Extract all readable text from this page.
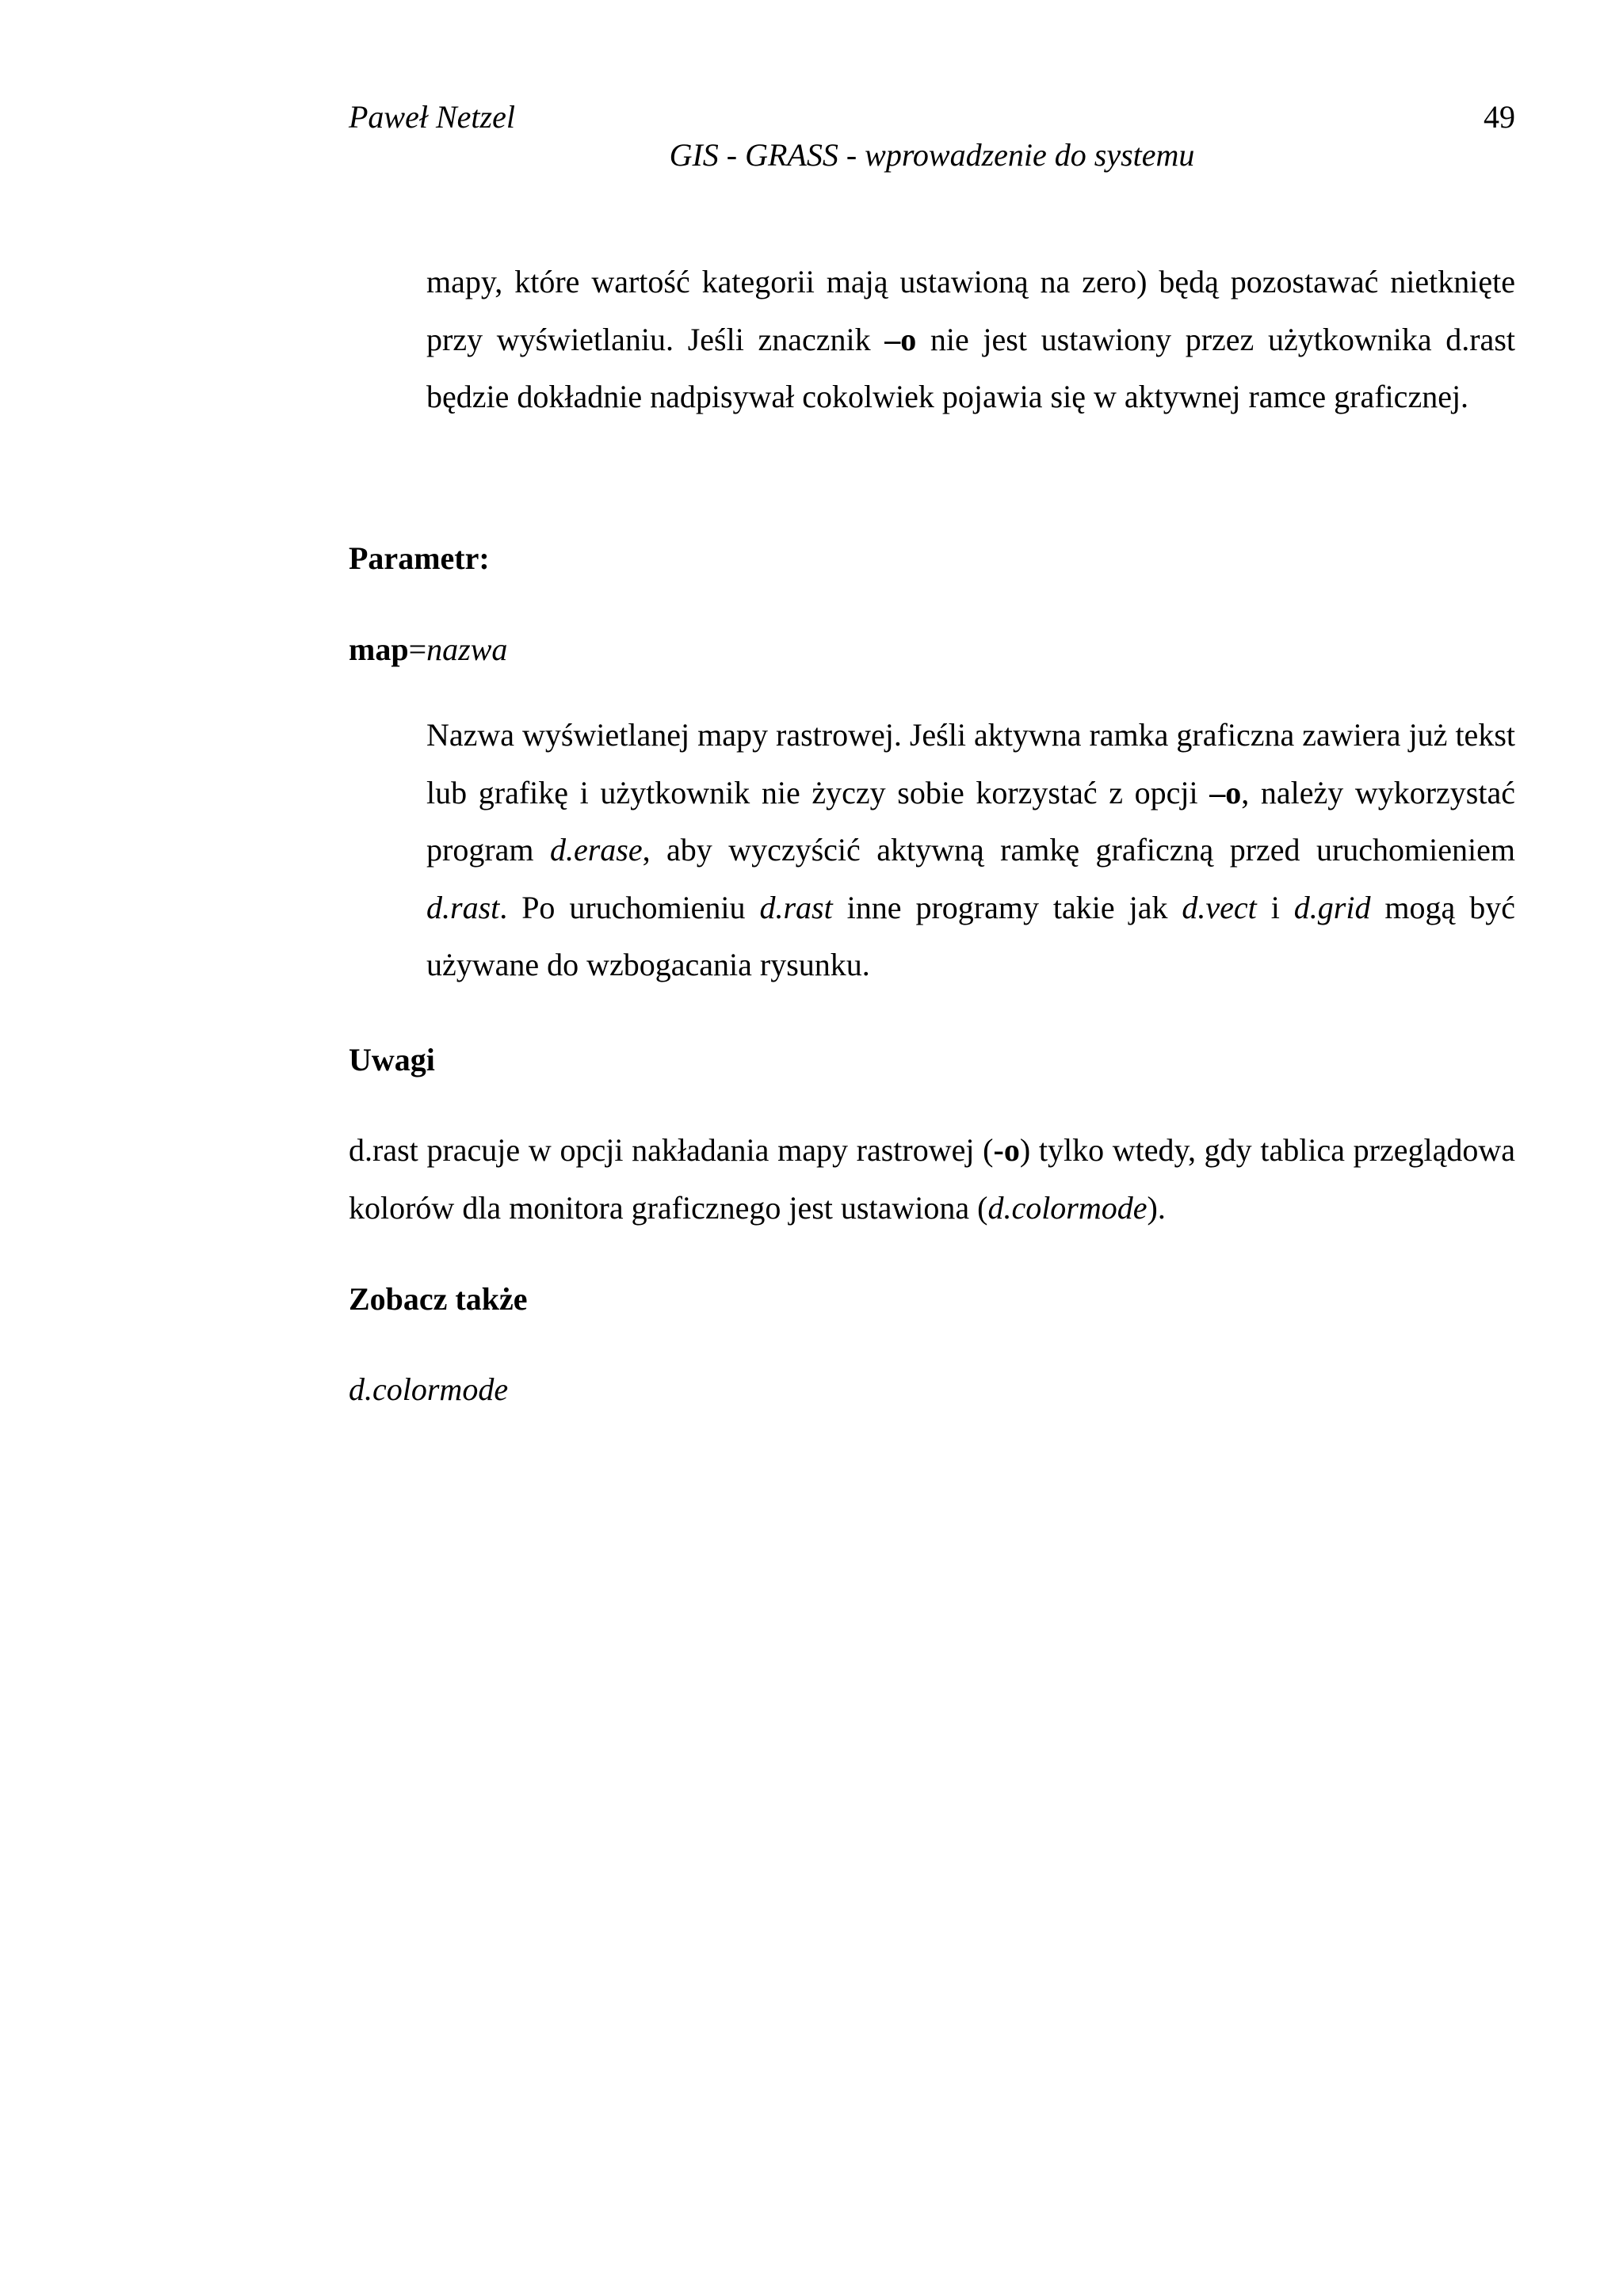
Paweł Netzel	49
GIS - GRASS - wprowadzenie do systemu

mapy, które wartość kategorii mają ustawioną na zero) będą pozostawać nietknięte przy wyświetlaniu. Jeśli znacznik –o nie jest ustawiony przez użytkownika d.rast będzie dokładnie nadpisywał cokolwiek pojawia się w aktywnej ramce graficznej.

Parametr:
map=nazwa

Nazwa wyświetlanej mapy rastrowej. Jeśli aktywna ramka graficzna zawiera już tekst lub grafikę i użytkownik nie życzy sobie korzystać z opcji –o, należy wykorzystać program d.erase, aby wyczyścić aktywną ramkę graficzną przed uruchomieniem d.rast. Po uruchomieniu d.rast inne programy takie jak d.vect i d.grid mogą być używane do wzbogacania rysunku.

Uwagi

d.rast pracuje w opcji nakładania mapy rastrowej (-o) tylko wtedy, gdy tablica przeglądowa kolorów dla monitora graficznego jest ustawiona (d.colormode).

Zobacz także
d.colormode
